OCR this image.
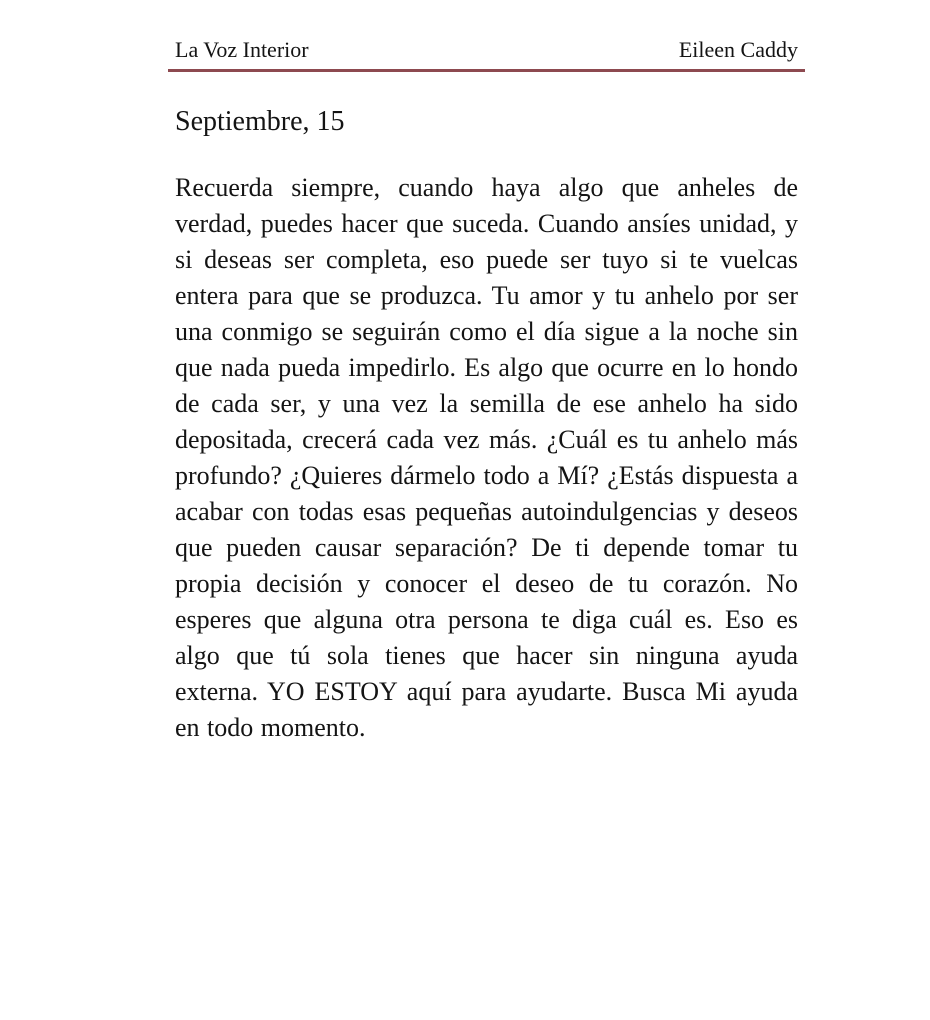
La Voz Interior	Eileen Caddy
Septiembre, 15

Recuerda siempre, cuando haya algo que anheles de verdad, puedes hacer que suceda. Cuando ansíes unidad, y si deseas ser completa, eso puede ser tuyo si te vuelcas entera para que se produzca. Tu amor y tu anhelo por ser una conmigo se seguirán como el día sigue a la noche sin que nada pueda impedirlo. Es algo que ocurre en lo hondo de cada ser, y una vez la semilla de ese anhelo ha sido depositada, crecerá cada vez más. ¿Cuál es tu anhelo más profundo? ¿Quieres dármelo todo a Mí? ¿Estás dispuesta a acabar con todas esas pequeñas autoindulgencias y deseos que pueden causar separación? De ti depende tomar tu propia decisión y conocer el deseo de tu corazón. No esperes que alguna otra persona te diga cuál es. Eso es algo que tú sola tienes que hacer sin ninguna ayuda externa. YO ESTOY aquí para ayudarte. Busca Mi ayuda en todo momento.
